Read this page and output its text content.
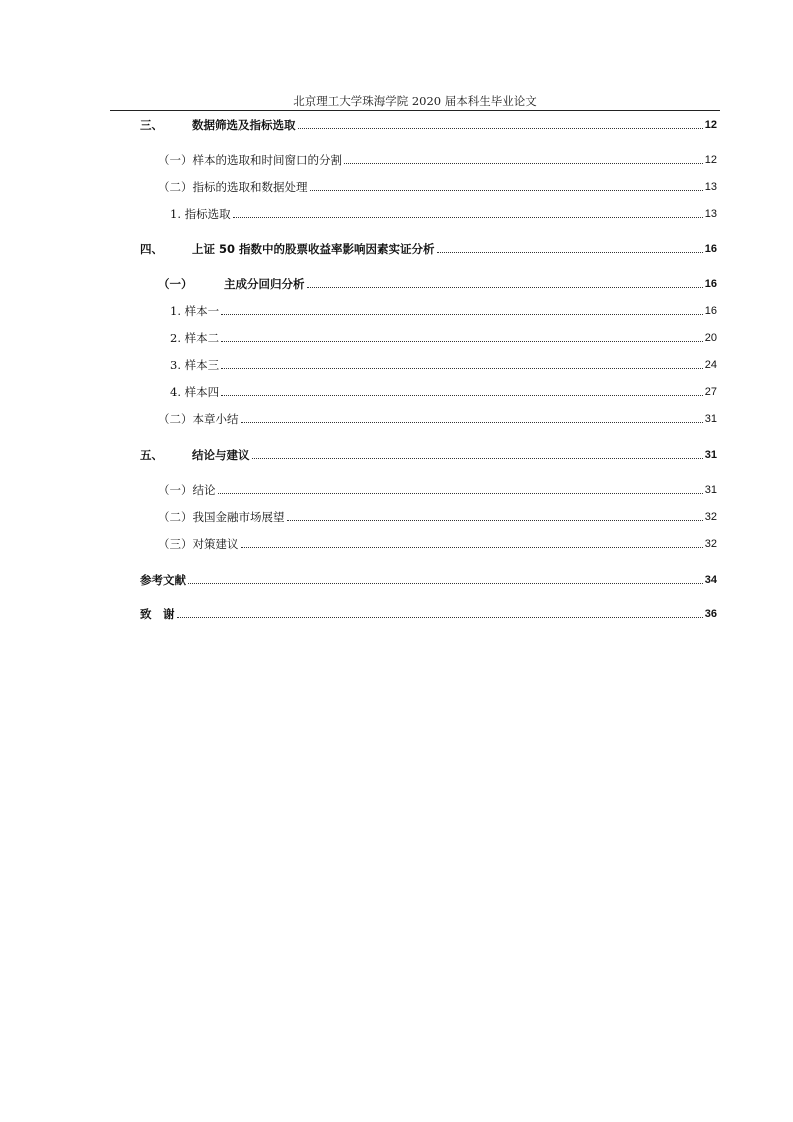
北京理工大学珠海学院 2020 届本科生毕业论文
三、	数据筛选及指标选取	12
（一）样本的选取和时间窗口的分割	12
（二）指标的选取和数据处理	13
1. 指标选取	13
四、	上证 50 指数中的股票收益率影响因素实证分析	16
（一）	主成分回归分析	16
1. 样本一	16
2. 样本二	20
3. 样本三	24
4. 样本四	27
（二）本章小结	31
五、	结论与建议	31
（一）结论	31
（二）我国金融市场展望	32
（三）对策建议	32
参考文献	34
致　谢	36
